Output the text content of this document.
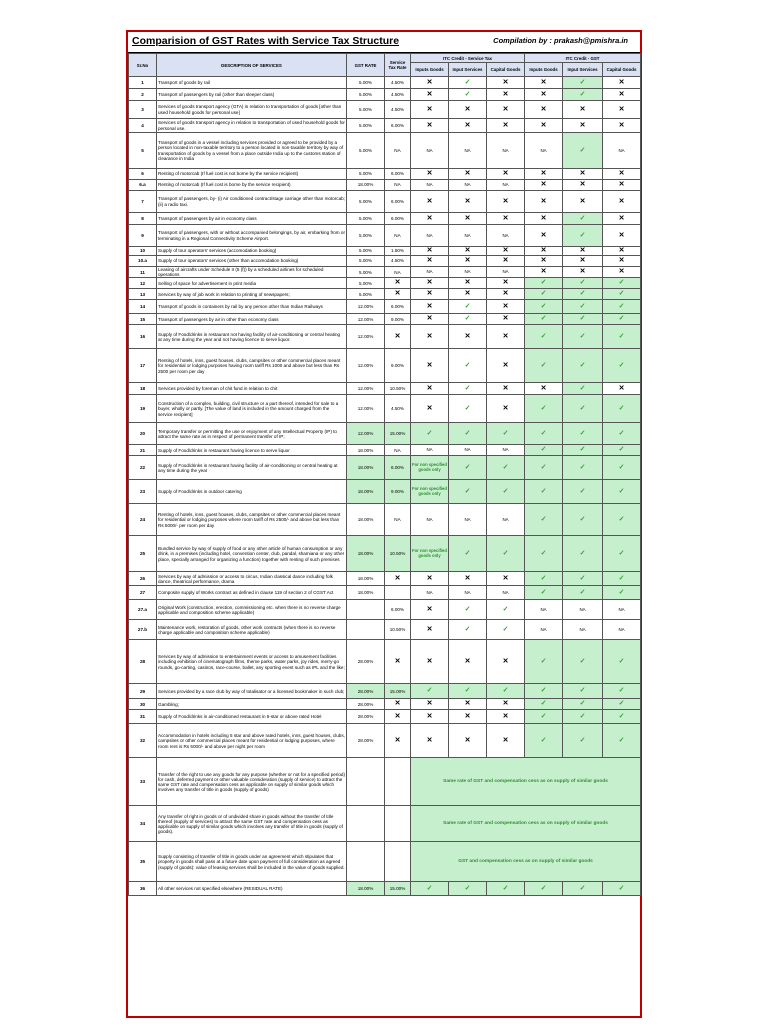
Comparision of GST Rates with Service Tax Structure	Compilation by : prakash@pmishra.in
Sr.No	DESCRIPTION OF SERVICES	GST RATE	Service Tax Rate	ITC Credit - Service Tax			ITC Credit - GST		
				Inputs Goods	Input Services	Capital Goods	Inputs Goods	Input Services	Capital Goods
1	Transport of goods by rail	5.00%	4.50%	✕	✓	✕	✕	✓	✕
2	Transport of passengers by rail (other than sleeper class)	5.00%	4.50%	✕	✓	✕	✕	✓	✕
3	Services of goods transport agency (GTA) in relation to transportation of goods [other than used household goods for personal use]	5.00%	4.50%	✕	✕	✕	✕	✕	✕
4	Services of goods transport agency in relation to transportation of used household goods for personal use.	5.00%	6.00%	✕	✕	✕	✕	✕	✕
5	Transport of goods in a vessel including services provided or agreed to be provided by a person located in non-taxable territory to a person located in non-taxable territory by way of transportation of goods by a vessel from a place outside India up to the customs station of clearance in India	5.00%	NA	NA	NA	NA	NA	✓	NA
6	Renting of motorcab (If fuel cost is not borne by the service recipient)	5.00%	6.00%	✕	✕	✕	✕	✕	✕
6.a	Renting of motorcab (If fuel cost is borne by the service recipient)	18.00%	NA	NA	NA	NA	✕	✕	✕
7	Transport of passengers, by- (i) Air conditioned contract/stage carriage other than motorcab; (ii) a radio taxi.	5.00%	6.00%	✕	✕	✕	✕	✕	✕
8	Transport of passengers by air in economy class	5.00%	6.00%	✕	✕	✕	✕	✓	✕
9	Transport of passengers, with or without accompanied belongings, by air, embarking from or terminating in a Regional Connectivity Scheme Airport.	5.00%	NA	NA	NA	NA	✕	✓	✕
10	Supply of tour operators' services (accomodation booking)	5.00%	1.50%	✕	✕	✕	✕	✕	✕
10.a	Supply of tour operators' services (other than accomodation booking)	5.00%	4.50%	✕	✕	✕	✕	✕	✕
11	Leasing of aircrafts under Schedule II (5 (f)) by a scheduled airlines for scheduled operations	5.00%	NA	NA	NA	NA	✕	✕	✕
12	Selling of space for advertisement in print media	5.00%	✕	✕	✕	✕	✓	✓	✓
13	Services by way of job work in relation to printing of newspapers;	5.00%	✕	✕	✕	✕	✓	✓	✓
14	Transport of goods in containers by rail by any person other than Indian Railways	12.00%	6.00%	✕	✓	✕	✓	✓	✓
15	Transport of passengers by air in other than economy class	12.00%	9.00%	✕	✓	✕	✓	✓	✓
16	Supply of Food/drinks in restaurant not having facility of air-conditioning or central heating at any time during the year and not having licence to serve liquor.	12.00%	✕	✕	✕	✕	✓	✓	✓
17	Renting of hotels, inns, guest houses, clubs, campsites or other commercial places meant for residential or lodging purposes having room tariff Rs 1000 and above but less than Rs 2500 per room per day	12.00%	9.00%	✕	✓	✕	✓	✓	✓
18	Services provided by foreman of chit fund in relation to chit	12.00%	10.50%	✕	✓	✕	✕	✓	✕
19	Construction of a complex, building, civil structure or a part thereof, intended for sale to a buyer, wholly or partly. [The value of land is included in the amount charged from the service recipient]	12.00%	4.50%	✕	✓	✕	✓	✓	✓
20	Temporary transfer or permitting the use or enjoyment of any Intellectual Property (IP) to attract the same rate as in respect of permanent transfer of IP;	12.00%	15.00%	✓	✓	✓	✓	✓	✓
21	Supply of Food/drinks in restaurant having licence to serve liquor	18.00%	NA	NA	NA	NA	✓	✓	✓
22	Supply of Food/drinks in restaurant having facility of air-conditioning or central heating at any time during the year	18.00%	6.00%	For non specified goods only	✓	✓	✓	✓	✓
23	Supply of Food/drinks in outdoor catering	18.00%	9.00%	For non specified goods only	✓	✓	✓	✓	✓
24	Renting of hotels, inns, guest houses, clubs, campsites or other commercial places meant for residential or lodging purposes where room tariff of Rs 2500/- and above but less than Rs 5000/- per room per day	18.00%	NA	NA	NA	NA	✓	✓	✓
25	Bundled service by way of supply of food or any other article of human consumption or any drink, in a premises (including hotel, convention center, club, pandal, shamiana or any other place, specially arranged for organizing a function) together with renting of such premises	18.00%	10.50%	For non specified goods only	✓	✓	✓	✓	✓
26	Services by way of admission or access to circus, Indian classical dance including folk dance, theatrical performance, drama	18.00%	✕	✕	✕	✕	✓	✓	✓
27	Composite supply of Works contract as defined in clause 119 of section 2 of CGST Act	18.00%		NA	NA	NA	✓	✓	✓
27.a	Original Work (construction, erection, commissioning etc. when there is no reverse charge applicable and composition scheme applicable)		6.00%	✕	✓	✓	NA	NA	NA
27.b	Maintenance work, restoration of goods, other work contracts (when there is no reverse charge applicable and composition scheme applicable)		10.50%	✕	✓	✓	NA	NA	NA
28	Services by way of admission to entertainment events or access to amusement facilities including exhibition of cinematograph films, theme parks, water parks, joy rides, merry-go rounds, go-carting, casinos, race-course, ballet, any sporting event such as IPL and the like;	28.00%	✕	✕	✕	✕	✓	✓	✓
29	Services provided by a race club by way of totalisator or a licensed bookmaker in such club;	28.00%	15.00%	✓	✓	✓	✓	✓	✓
30	Gambling;	28.00%	✕	✕	✕	✕	✓	✓	✓
31	Supply of Food/drinks in air-conditioned restaurant in 5-star or above rated Hotel	28.00%	✕	✕	✕	✕	✓	✓	✓
32	Accommodation in hotels including 5 star and above rated hotels, inns, guest houses, clubs, campsites or other commercial places meant for residential or lodging purposes, where room rent is Rs 5000/- and above per night per room	28.00%	✕	✕	✕	✕	✓	✓	✓
33	Transfer of the right to use any goods for any purpose (whether or not for a specified period) for cash, deferred payment or other valuable consideration (supply of service) to attract the same GST rate and compensation cess as applicable on supply of similar goods which involves any transfer of title in goods (supply of goods)			Same rate of GST and compensation cess as on supply of similar goods					
34	Any transfer of right in goods or of undivided share in goods without the transfer of title thereof (supply of services) to attract the same GST rate and compensation cess as applicable on supply of similar goods which involves any transfer of title in goods (supply of goods).			Same rate of GST and compensation cess as on supply of similar goods					
35	Supply consisting of transfer of title in goods under an agreement which stipulates that property in goods shall pass at a future date upon payment of full consideration as agreed (supply of goods): value of leasing services shall be included in the value of goods supplied.			GST and compensation cess as on supply of similar goods					
36	All other services not specified elsewhere (RESIDUAL RATE)	18.00%	15.00%	✓	✓	✓	✓	✓	✓
